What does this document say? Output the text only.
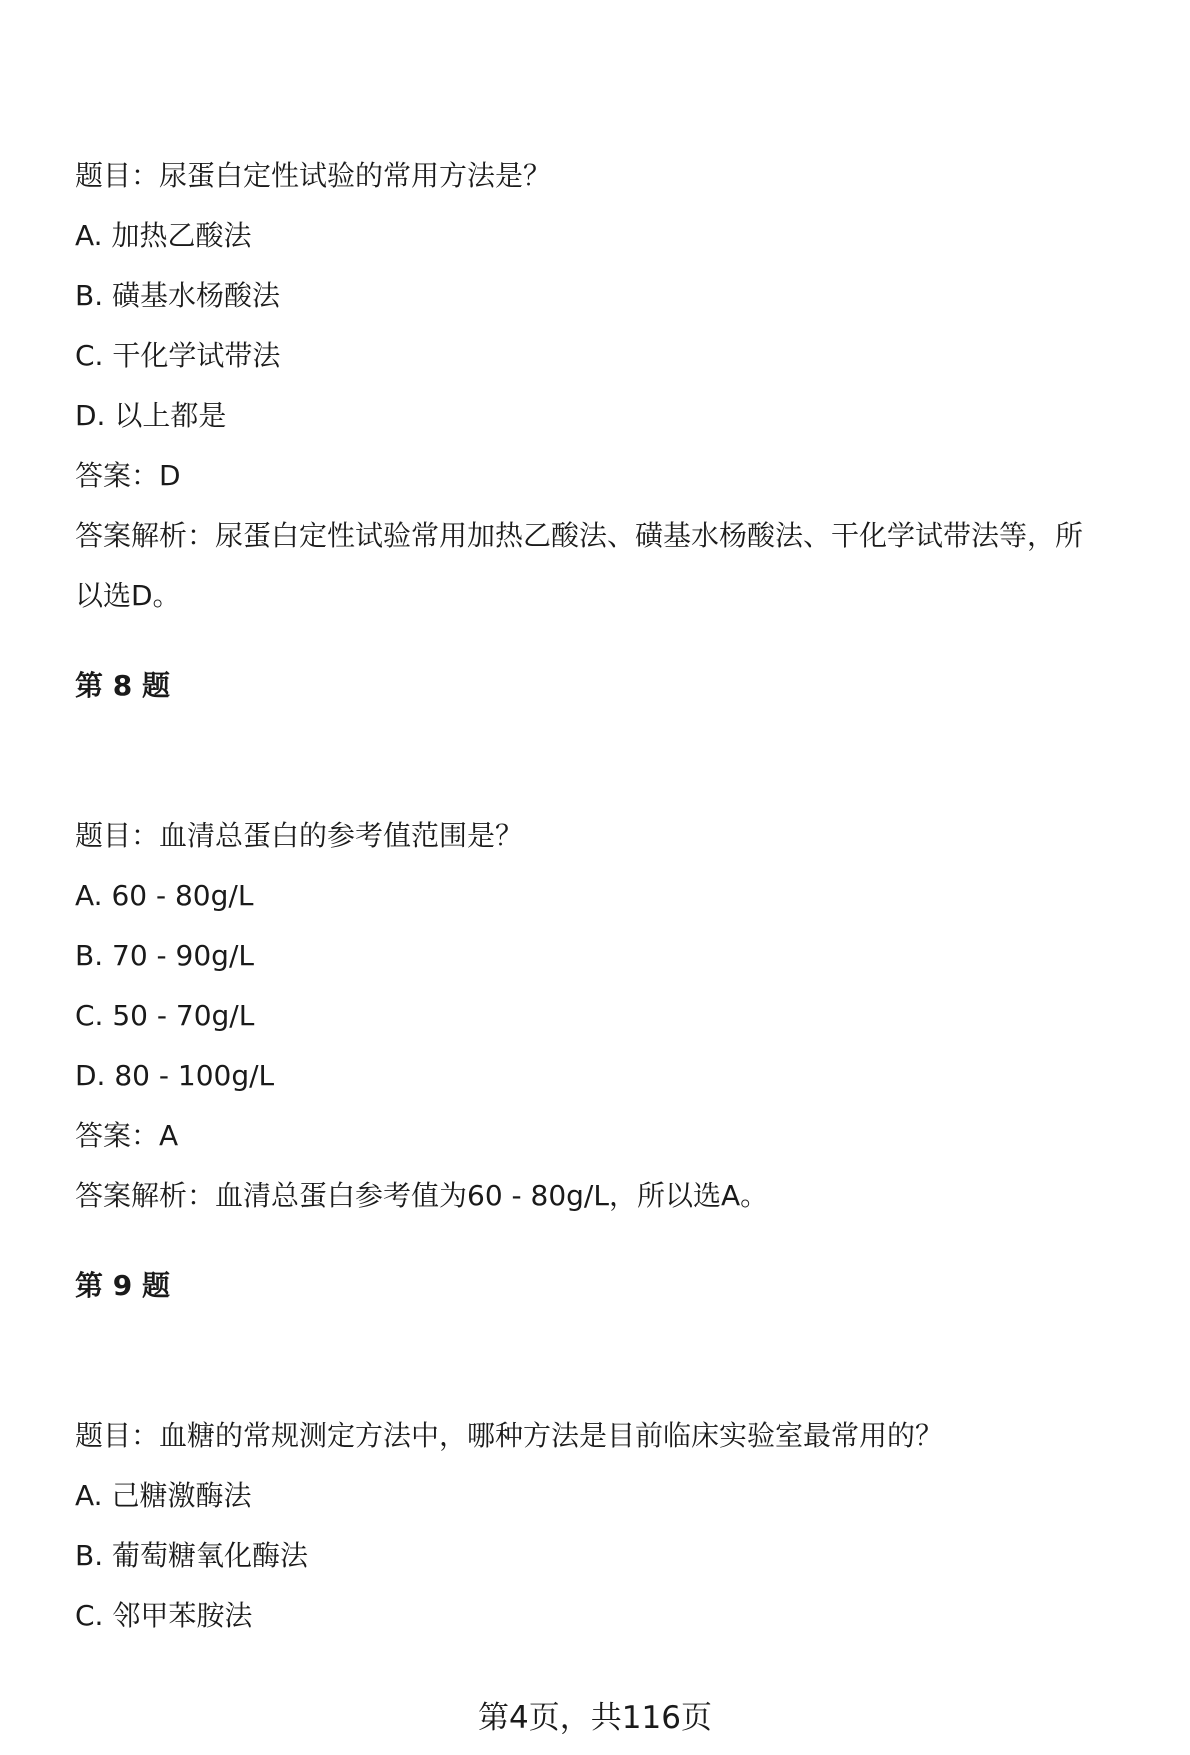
题目：尿蛋白定性试验的常用方法是？
A. 加热乙酸法
B. 磺基水杨酸法
C. 干化学试带法
D. 以上都是
答案：D
答案解析：尿蛋白定性试验常用加热乙酸法、磺基水杨酸法、干化学试带法等，所
以选D。
第 8 题
题目：血清总蛋白的参考值范围是？
A. 60 - 80g/L
B. 70 - 90g/L
C. 50 - 70g/L
D. 80 - 100g/L
答案：A
答案解析：血清总蛋白参考值为60 - 80g/L，所以选A。
第 9 题
题目：血糖的常规测定方法中，哪种方法是目前临床实验室最常用的？
A. 己糖激酶法
B. 葡萄糖氧化酶法
C. 邻甲苯胺法
第4页，共116页
